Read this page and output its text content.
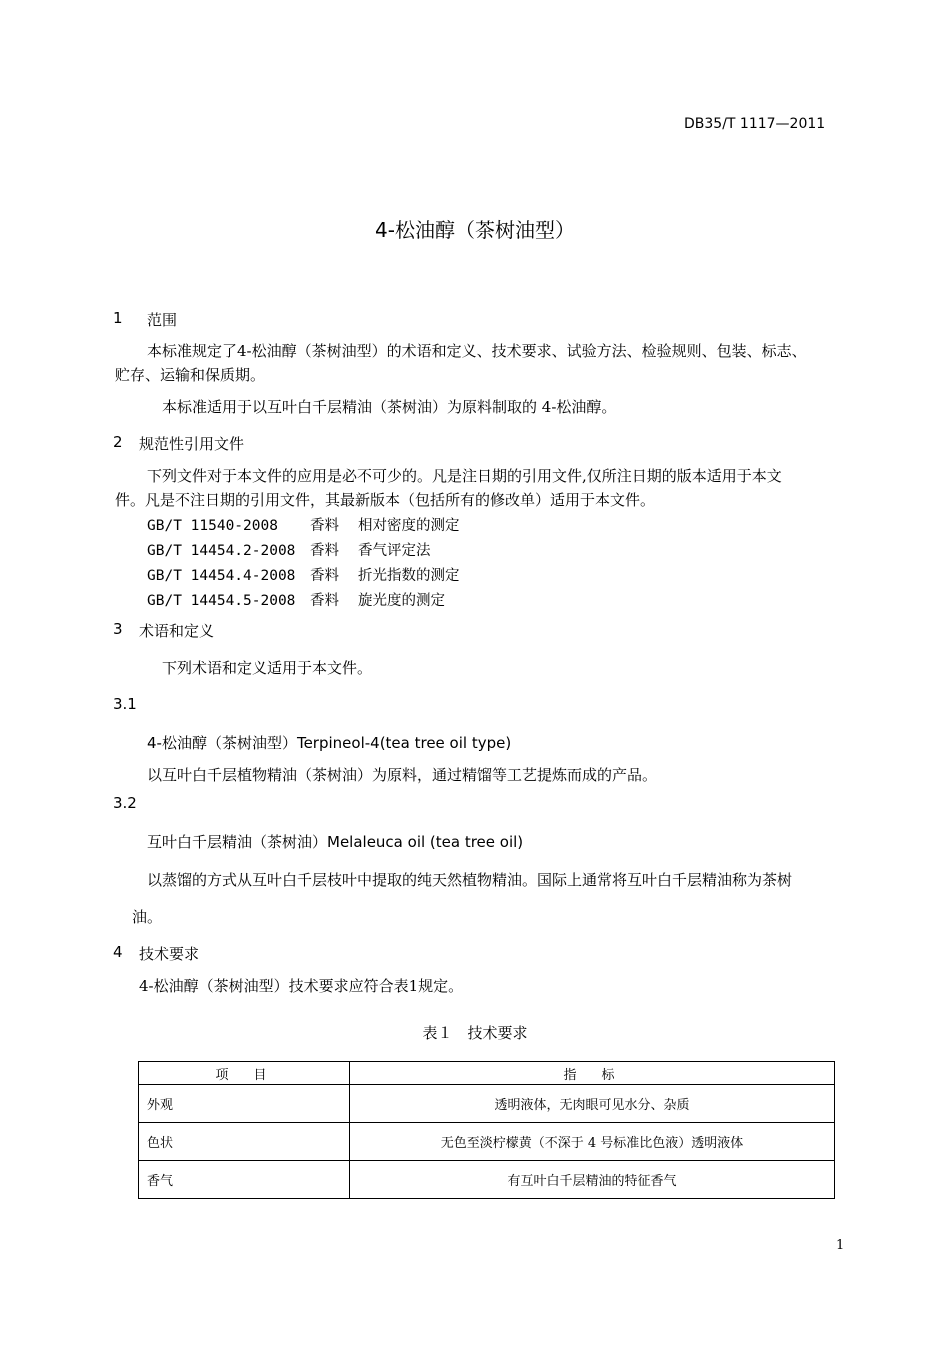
DB35/T 1117—2011
4-松油醇（茶树油型）
1 范围
本标准规定了4-松油醇（茶树油型）的术语和定义、技术要求、试验方法、检验规则、包装、标志、
贮存、运输和保质期。
本标准适用于以互叶白千层精油（茶树油）为原料制取的 4-松油醇。
2 规范性引用文件
下列文件对于本文件的应用是必不可少的。凡是注日期的引用文件,仅所注日期的版本适用于本文
件。凡是不注日期的引用文件，其最新版本（包括所有的修改单）适用于本文件。
GB/T 11540-2008 香料 相对密度的测定
GB/T 14454.2-2008 香料 香气评定法
GB/T 14454.4-2008 香料 折光指数的测定
GB/T 14454.5-2008 香料 旋光度的测定
3 术语和定义
下列术语和定义适用于本文件。
3.1
4-松油醇（茶树油型）Terpineol-4(tea tree oil type)
以互叶白千层植物精油（茶树油）为原料，通过精馏等工艺提炼而成的产品。
3.2
互叶白千层精油（茶树油）Melaleuca oil (tea tree oil)
以蒸馏的方式从互叶白千层枝叶中提取的纯天然植物精油。国际上通常将互叶白千层精油称为茶树
油。
4 技术要求
4-松油醇（茶树油型）技术要求应符合表1规定。
表１　技术要求
项　目	指　标
外观	透明液体，无肉眼可见水分、杂质
色状	无色至淡柠檬黄（不深于 4 号标准比色液）透明液体
香气	有互叶白千层精油的特征香气
1
